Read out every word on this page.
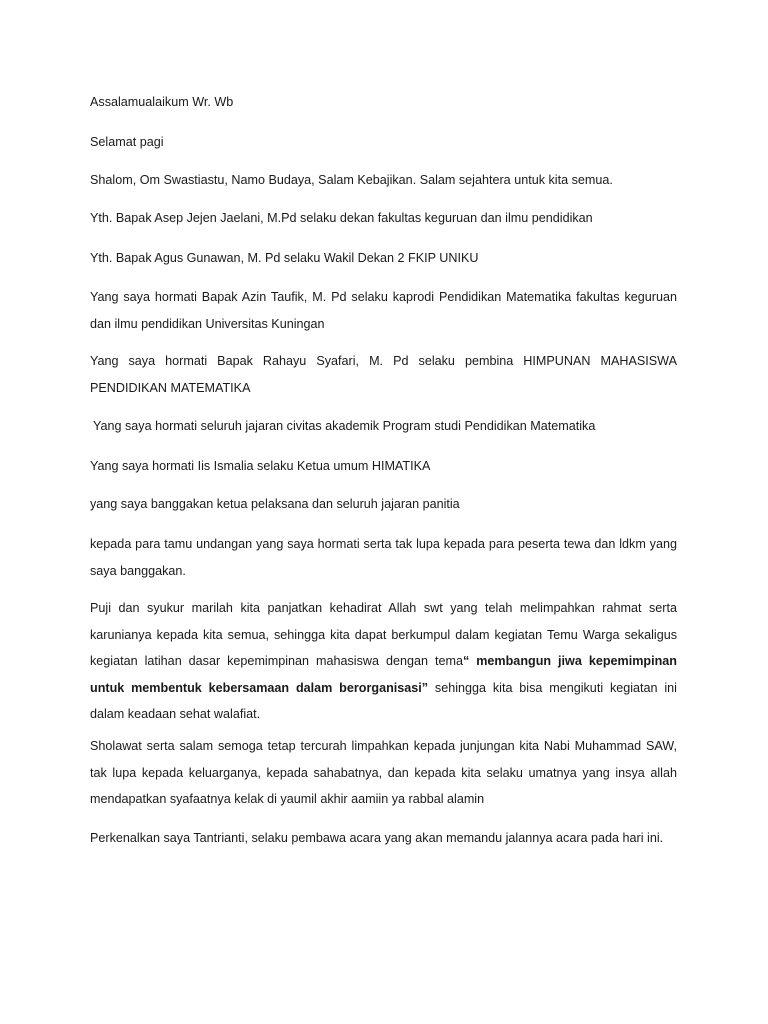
Assalamualaikum Wr. Wb

Selamat pagi

Shalom, Om Swastiastu, Namo Budaya, Salam Kebajikan. Salam sejahtera untuk kita semua.

Yth. Bapak Asep Jejen Jaelani, M.Pd selaku dekan fakultas keguruan dan ilmu pendidikan

Yth. Bapak Agus Gunawan, M. Pd selaku Wakil Dekan 2 FKIP UNIKU

Yang saya hormati Bapak Azin Taufik, M. Pd selaku kaprodi Pendidikan Matematika fakultas keguruan dan ilmu pendidikan Universitas Kuningan

Yang saya hormati Bapak Rahayu Syafari, M. Pd selaku pembina HIMPUNAN MAHASISWA PENDIDIKAN MATEMATIKA

Yang saya hormati seluruh jajaran civitas akademik Program studi Pendidikan Matematika

Yang saya hormati Iis Ismalia selaku Ketua umum HIMATIKA

yang saya banggakan ketua pelaksana dan seluruh jajaran panitia

kepada para tamu undangan yang saya hormati serta tak lupa kepada para peserta tewa dan ldkm yang saya banggakan.

Puji dan syukur marilah kita panjatkan kehadirat Allah swt yang telah melimpahkan rahmat serta karunianya kepada kita semua, sehingga kita dapat berkumpul dalam kegiatan Temu Warga sekaligus kegiatan latihan dasar kepemimpinan mahasiswa dengan tema“ membangun jiwa kepemimpinan untuk membentuk kebersamaan dalam berorganisasi” sehingga kita bisa mengikuti kegiatan ini dalam keadaan sehat walafiat.

Sholawat serta salam semoga tetap tercurah limpahkan kepada junjungan kita Nabi Muhammad SAW, tak lupa kepada keluarganya, kepada sahabatnya, dan kepada kita selaku umatnya yang insya allah mendapatkan syafaatnya kelak di yaumil akhir aamiin ya rabbal alamin

Perkenalkan saya Tantrianti, selaku pembawa acara yang akan memandu jalannya acara pada hari ini.
